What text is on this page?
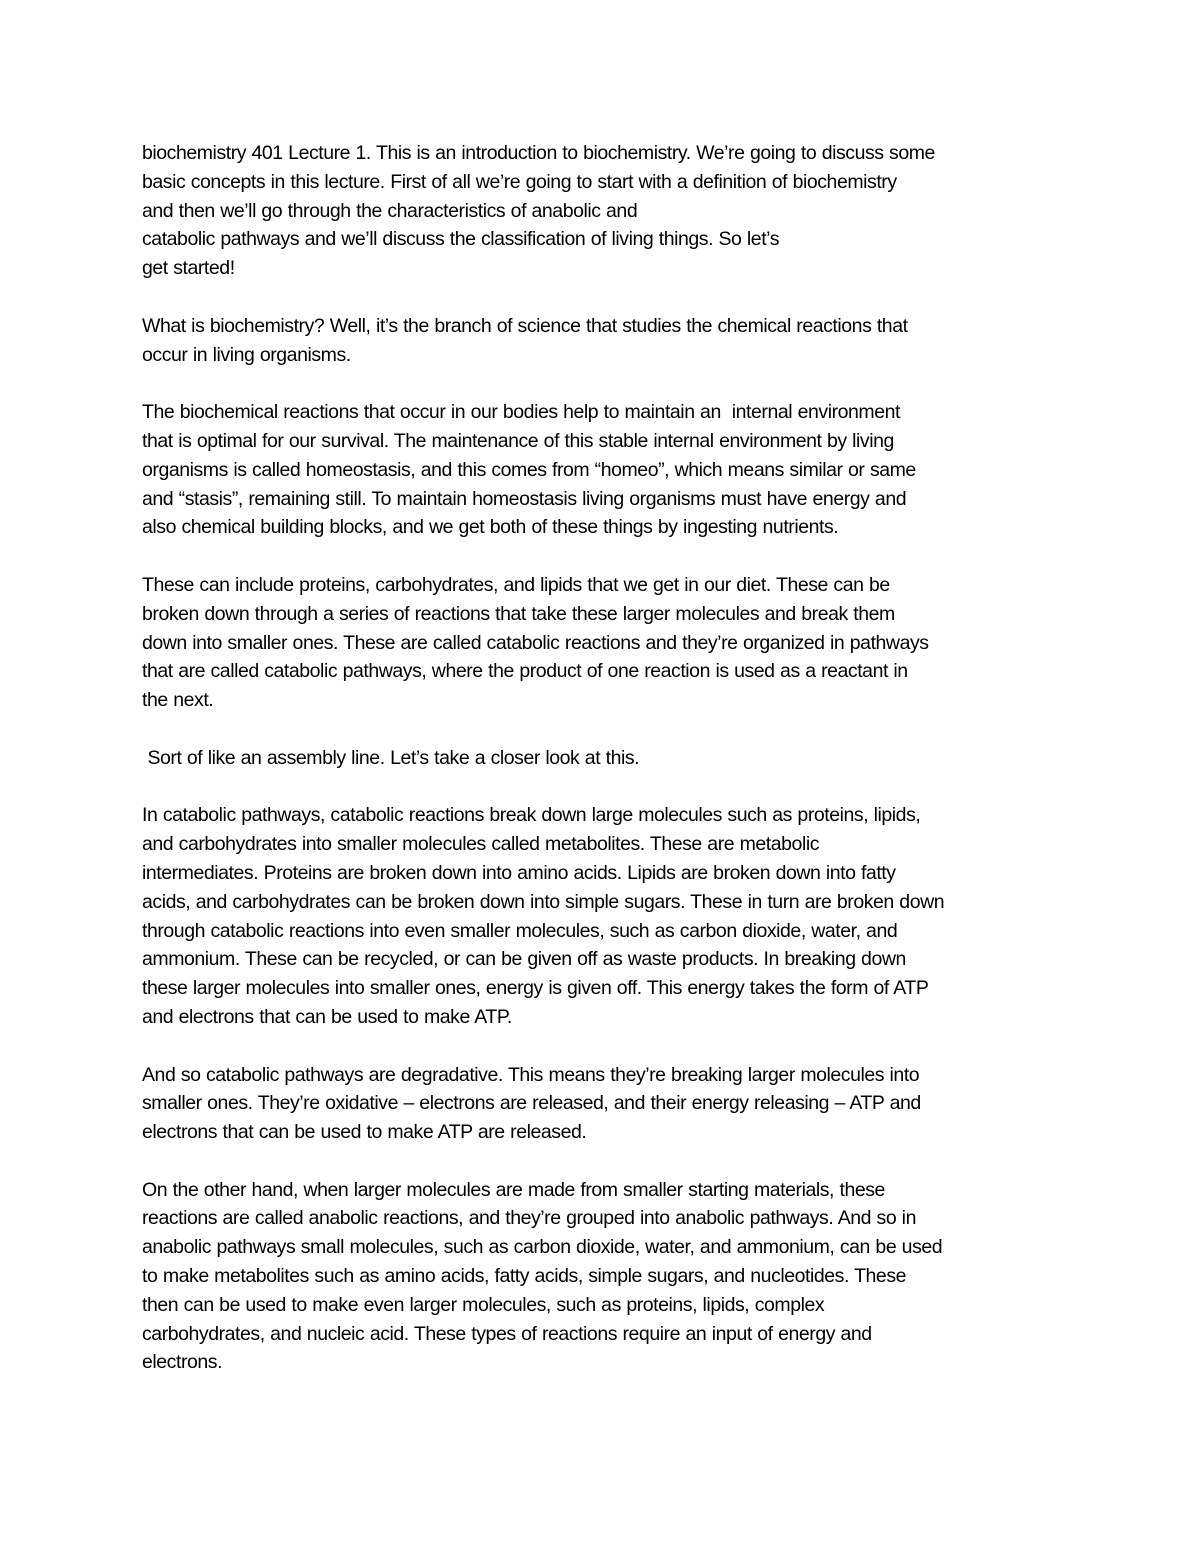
biochemistry 401 Lecture 1. This is an introduction to biochemistry. We’re going to discuss some
basic concepts in this lecture. First of all we’re going to start with a definition of biochemistry
and then we’ll go through the characteristics of anabolic and
catabolic pathways and we’ll discuss the classification of living things. So let’s
get started!
What is biochemistry? Well, it’s the branch of science that studies the chemical reactions that
occur in living organisms.
The biochemical reactions that occur in our bodies help to maintain an  internal environment
that is optimal for our survival. The maintenance of this stable internal environment by living
organisms is called homeostasis, and this comes from “homeo”, which means similar or same
and “stasis”, remaining still. To maintain homeostasis living organisms must have energy and
also chemical building blocks, and we get both of these things by ingesting nutrients.
These can include proteins, carbohydrates, and lipids that we get in our diet. These can be
broken down through a series of reactions that take these larger molecules and break them
down into smaller ones. These are called catabolic reactions and they’re organized in pathways
that are called catabolic pathways, where the product of one reaction is used as a reactant in
the next.
Sort of like an assembly line. Let’s take a closer look at this.
In catabolic pathways, catabolic reactions break down large molecules such as proteins, lipids,
and carbohydrates into smaller molecules called metabolites. These are metabolic
intermediates. Proteins are broken down into amino acids. Lipids are broken down into fatty
acids, and carbohydrates can be broken down into simple sugars. These in turn are broken down
through catabolic reactions into even smaller molecules, such as carbon dioxide, water, and
ammonium. These can be recycled, or can be given off as waste products. In breaking down
these larger molecules into smaller ones, energy is given off. This energy takes the form of ATP
and electrons that can be used to make ATP.
And so catabolic pathways are degradative. This means they’re breaking larger molecules into
smaller ones. They’re oxidative – electrons are released, and their energy releasing – ATP and
electrons that can be used to make ATP are released.
On the other hand, when larger molecules are made from smaller starting materials, these
reactions are called anabolic reactions, and they’re grouped into anabolic pathways. And so in
anabolic pathways small molecules, such as carbon dioxide, water, and ammonium, can be used
to make metabolites such as amino acids, fatty acids, simple sugars, and nucleotides. These
then can be used to make even larger molecules, such as proteins, lipids, complex
carbohydrates, and nucleic acid. These types of reactions require an input of energy and
electrons.
